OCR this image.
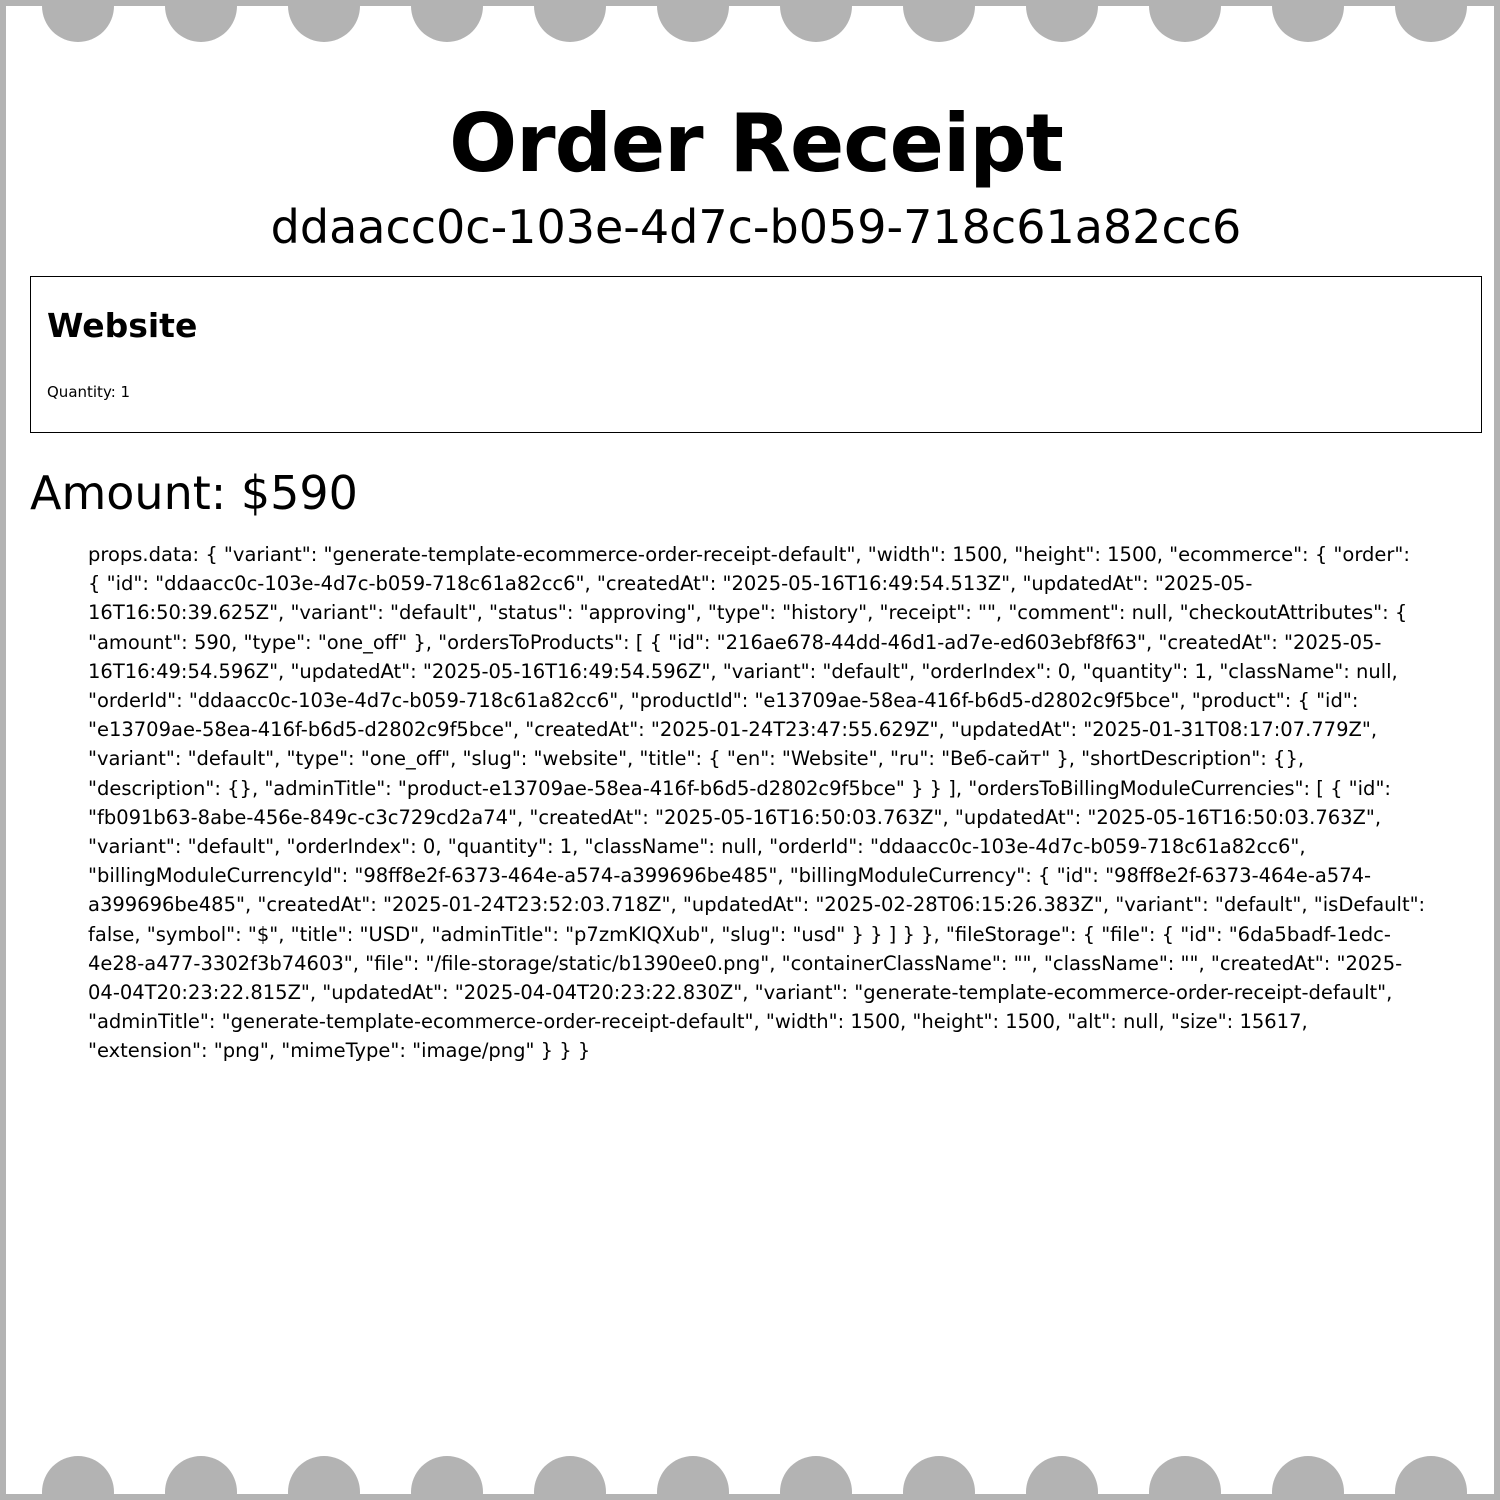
Order Receipt
ddaacc0c-103e-4d7c-b059-718c61a82cc6
Website
Quantity: 1
Amount: $590
props.data: { "variant": "generate-template-ecommerce-order-receipt-default", "width": 1500, "height": 1500, "ecommerce": { "order": { "id": "ddaacc0c-103e-4d7c-b059-718c61a82cc6", "createdAt": "2025-05-16T16:49:54.513Z", "updatedAt": "2025-05-16T16:50:39.625Z", "variant": "default", "status": "approving", "type": "history", "receipt": "", "comment": null, "checkoutAttributes": { "amount": 590, "type": "one_off" }, "ordersToProducts": [ { "id": "216ae678-44dd-46d1-ad7e-ed603ebf8f63", "createdAt": "2025-05-16T16:49:54.596Z", "updatedAt": "2025-05-16T16:49:54.596Z", "variant": "default", "orderIndex": 0, "quantity": 1, "className": null, "orderId": "ddaacc0c-103e-4d7c-b059-718c61a82cc6", "productId": "e13709ae-58ea-416f-b6d5-d2802c9f5bce", "product": { "id": "e13709ae-58ea-416f-b6d5-d2802c9f5bce", "createdAt": "2025-01-24T23:47:55.629Z", "updatedAt": "2025-01-31T08:17:07.779Z", "variant": "default", "type": "one_off", "slug": "website", "title": { "en": "Website", "ru": "Веб-сайт" }, "shortDescription": {}, "description": {}, "adminTitle": "product-e13709ae-58ea-416f-b6d5-d2802c9f5bce" } } ], "ordersToBillingModuleCurrencies": [ { "id": "fb091b63-8abe-456e-849c-c3c729cd2a74", "createdAt": "2025-05-16T16:50:03.763Z", "updatedAt": "2025-05-16T16:50:03.763Z", "variant": "default", "orderIndex": 0, "quantity": 1, "className": null, "orderId": "ddaacc0c-103e-4d7c-b059-718c61a82cc6", "billingModuleCurrencyId": "98ff8e2f-6373-464e-a574-a399696be485", "billingModuleCurrency": { "id": "98ff8e2f-6373-464e-a574-a399696be485", "createdAt": "2025-01-24T23:52:03.718Z", "updatedAt": "2025-02-28T06:15:26.383Z", "variant": "default", "isDefault": false, "symbol": "$", "title": "USD", "adminTitle": "p7zmKIQXub", "slug": "usd" } } ] } }, "fileStorage": { "file": { "id": "6da5badf-1edc-4e28-a477-3302f3b74603", "file": "/file-storage/static/b1390ee0.png", "containerClassName": "", "className": "", "createdAt": "2025-04-04T20:23:22.815Z", "updatedAt": "2025-04-04T20:23:22.830Z", "variant": "generate-template-ecommerce-order-receipt-default", "adminTitle": "generate-template-ecommerce-order-receipt-default", "width": 1500, "height": 1500, "alt": null, "size": 15617, "extension": "png", "mimeType": "image/png" } } }
